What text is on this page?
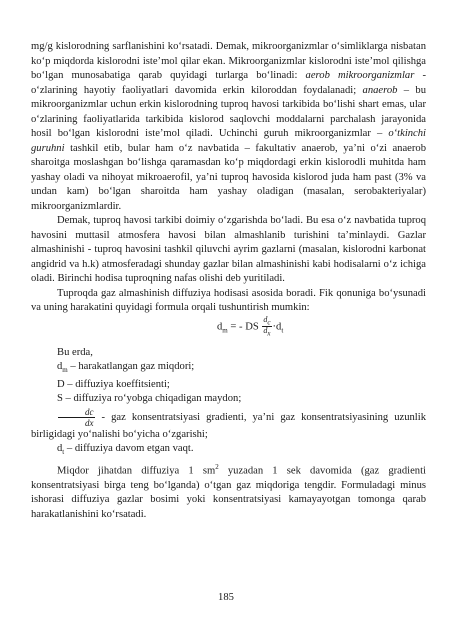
mg/g kislorodning sarflanishini ko‘rsatadi. Demak, mikroorganizmlar o‘simliklarga nisbatan ko‘p miqdorda kislorodni iste’mol qilar ekan. Mikroorganizmlar kislorodni iste’mol qilishga bo‘lgan munosabatiga qarab quyidagi turlarga bo‘linadi: aerob mikroorganizmlar - o‘zlarining hayotiy faoliyatlari davomida erkin kiloroddan foydalanadi; anaerob – bu mikroorganizmlar uchun erkin kislorodning tuproq havosi tarkibida bo‘lishi shart emas, ular o‘zlarining faoliyatlarida tarkibida kislorod saqlovchi moddalarni parchalash jarayonida hosil bo‘lgan kislorodni iste’mol qiladi. Uchinchi guruh mikroorganizmlar – o‘tkinchi guruhni tashkil etib, bular ham o‘z navbatida – fakultativ anaerob, ya’ni o‘zi anaerob sharoitga moslashgan bo‘lishga qaramasdan ko‘p miqdordagi erkin kislorodli muhitda ham yashay oladi va nihoyat mikroaerofil, ya’ni tuproq havosida kislorod juda ham past (3% va undan kam) bo‘lgan sharoitda ham yashay oladigan (masalan, serobakteriyalar) mikroorganizmlardir.

Demak, tuproq havosi tarkibi doimiy o‘zgarishda bo‘ladi. Bu esa o‘z navbatida tuproq havosini muttasil atmosfera havosi bilan almashlanib turishini ta’minlaydi. Gazlar almashinishi - tuproq havosini tashkil qiluvchi ayrim gazlarni (masalan, kislorodni karbonat angidrid va h.k) atmosferadagi shunday gazlar bilan almashinishi kabi hodisalarni o‘z ichiga oladi. Birinchi hodisa tuproqning nafas olishi deb yuritiladi.

Tuproqda gaz almashinish diffuziya hodisasi asosida boradi. Fik qonuniga bo‘ysunadi va uning harakatini quyidagi formula orqali tushuntirish mumkin:

$d_m$ = - DS $\frac{d_c}{d_x} \cdot d_t$

Bu erda,

$d_m$ – harakatlangan gaz miqdori;

D – diffuziya koeffitsienti;

S – diffuziya ro‘yobga chiqadigan maydon;

$\frac{dc}{dx}$ - gaz konsentratsiyasi gradienti, ya’ni gaz konsentratsiyasining uzunlik birligidagi yo‘nalishi bo‘yicha o‘zgarishi;

$d_t$ – diffuziya davom etgan vaqt.

Miqdor jihatdan diffuziya 1 $sm^2$ yuzadan 1 sek davomida (gaz gradienti konsentratsiyasi birga teng bo‘lganda) o‘tgan gaz miqdoriga tengdir. Formuladagi minus ishorasi diffuziya gazlar bosimi yoki konsentratsiyasi kamayayotgan tomonga qarab harakatlanishini ko‘rsatadi.

185
